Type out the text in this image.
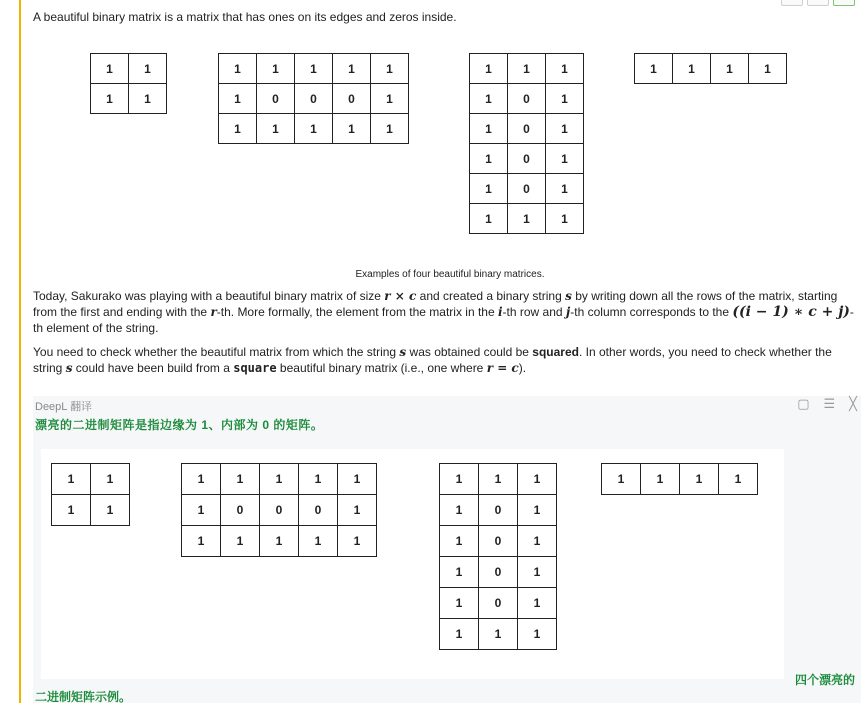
A beautiful binary matrix is a matrix that has ones on its edges and zeros inside.

1	1
1	1
1	1	1	1	1
1	0	0	0	1
1	1	1	1	1
1	1	1
1	0	1
1	0	1
1	0	1
1	0	1
1	1	1
1	1	1	1
Examples of four beautiful binary matrices.

Today, Sakurako was playing with a beautiful binary matrix of size r × c and created a binary string s by writing down all the rows of the matrix, starting from the first and ending with the r-th. More formally, the element from the matrix in the i-th row and j-th column corresponds to the ((i − 1) ∗ c + j)-th element of the string.

You need to check whether the beautiful matrix from which the string s was obtained could be squared. In other words, you need to check whether the string s could have been build from a square beautiful binary matrix (i.e., one where r = c).

DeepL 翻译	▢ ☰ ╳
漂亮的二进制矩阵是指边缘为 1、内部为 0 的矩阵。
1	1
1	1
1	1	1	1	1
1	0	0	0	1
1	1	1	1	1
1	1	1
1	0	1
1	0	1
1	0	1
1	0	1
1	1	1
1	1	1	1
四个漂亮的
二进制矩阵示例。
